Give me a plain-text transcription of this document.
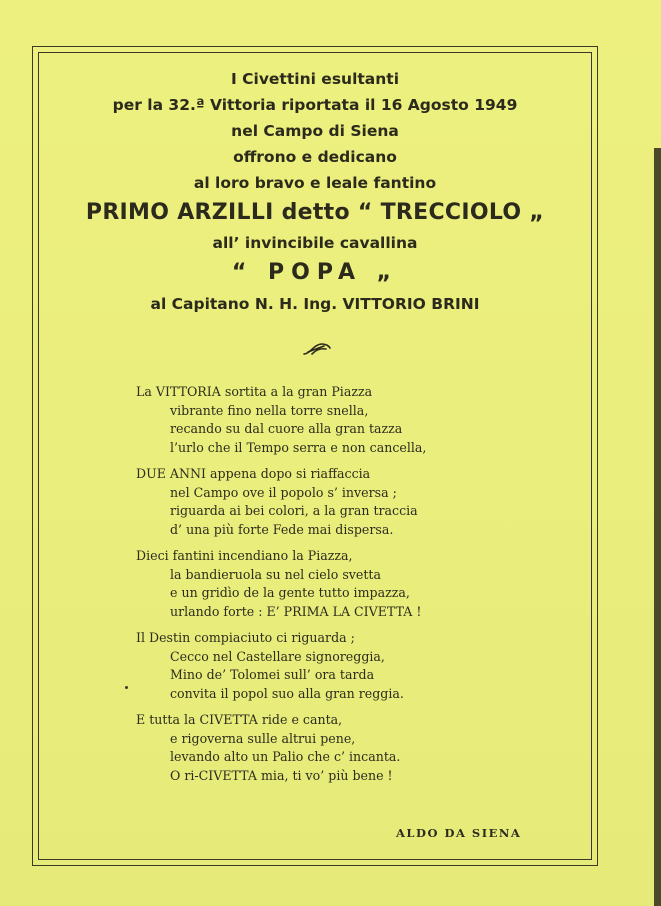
I Civettini esultanti
per la 32.ª Vittoria riportata il 16 Agosto 1949
nel Campo di Siena
offrono e dedicano
al loro bravo e leale fantino
PRIMO ARZILLI detto “ TRECCIOLO „
all’ invincibile cavallina
“ POPA „
al Capitano N. H. Ing. VITTORIO BRINI
La VITTORIA sortita a la gran Piazza
vibrante fino nella torre snella,
recando su dal cuore alla gran tazza
l’urlo che il Tempo serra e non cancella,
DUE ANNI appena dopo si riaffaccia
nel Campo ove il popolo s’ inversa ;
riguarda ai bei colori, a la gran traccia
d’ una più forte Fede mai dispersa.
Dieci fantini incendiano la Piazza,
la bandieruola su nel cielo svetta
e un gridìo de la gente tutto impazza,
urlando forte : E’ PRIMA LA CIVETTA !
Il Destin compiaciuto ci riguarda ;
Cecco nel Castellare signoreggia,
Mino de’ Tolomei sull’ ora tarda
convita il popol suo alla gran reggia.
E tutta la CIVETTA ride e canta,
e rigoverna sulle altrui pene,
levando alto un Palio che c’ incanta.
O ri-CIVETTA mia, ti vo’ più bene !
ALDO DA SIENA
